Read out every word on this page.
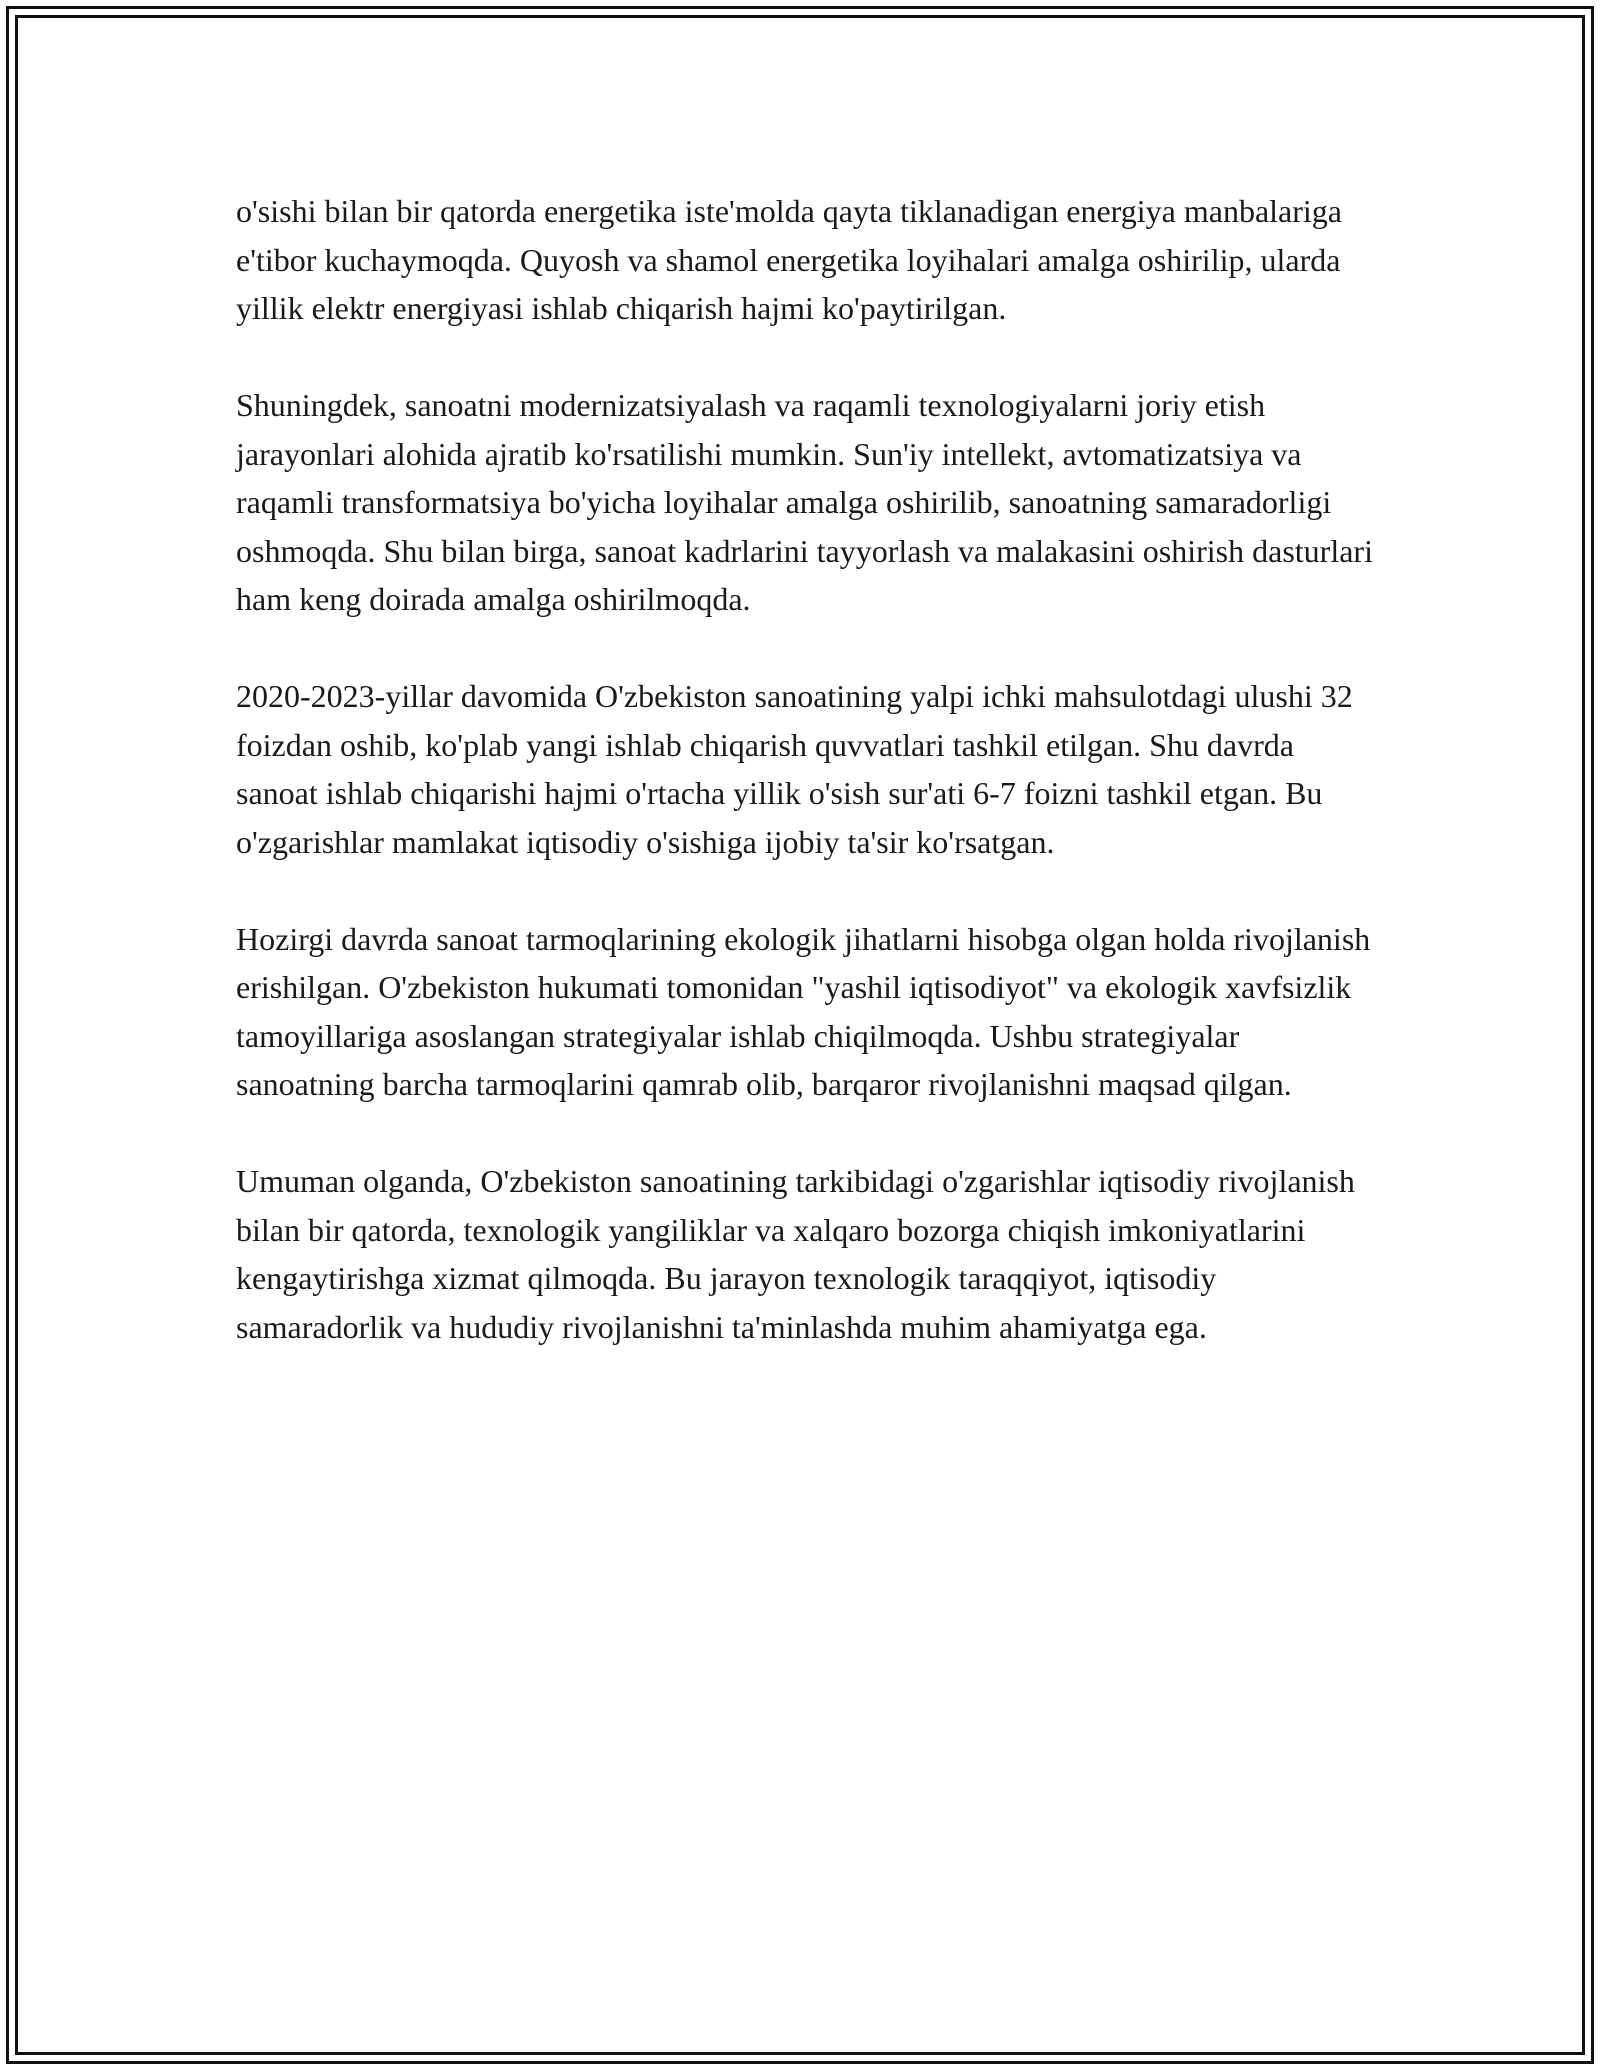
o'sishi bilan bir qatorda energetika iste'molda qayta tiklanadigan energiya manbalariga e'tibor kuchaymoqda. Quyosh va shamol energetika loyihalari amalga oshirilip, ularda yillik elektr energiyasi ishlab chiqarish hajmi ko'paytirilgan.

Shuningdek, sanoatni modernizatsiyalash va raqamli texnologiyalarni joriy etish jarayonlari alohida ajratib ko'rsatilishi mumkin. Sun'iy intellekt, avtomatizatsiya va raqamli transformatsiya bo'yicha loyihalar amalga oshirilib, sanoatning samaradorligi oshmoqda. Shu bilan birga, sanoat kadrlarini tayyorlash va malakasini oshirish dasturlari ham keng doirada amalga oshirilmoqda.

2020-2023-yillar davomida O'zbekiston sanoatining yalpi ichki mahsulotdagi ulushi 32 foizdan oshib, ko'plab yangi ishlab chiqarish quvvatlari tashkil etilgan. Shu davrda sanoat ishlab chiqarishi hajmi o'rtacha yillik o'sish sur'ati 6-7 foizni tashkil etgan. Bu o'zgarishlar mamlakat iqtisodiy o'sishiga ijobiy ta'sir ko'rsatgan.

Hozirgi davrda sanoat tarmoqlarining ekologik jihatlarni hisobga olgan holda rivojlanish erishilgan. O'zbekiston hukumati tomonidan "yashil iqtisodiyot" va ekologik xavfsizlik tamoyillariga asoslangan strategiyalar ishlab chiqilmoqda. Ushbu strategiyalar sanoatning barcha tarmoqlarini qamrab olib, barqaror rivojlanishni maqsad qilgan.

Umuman olganda, O'zbekiston sanoatining tarkibidagi o'zgarishlar iqtisodiy rivojlanish bilan bir qatorda, texnologik yangiliklar va xalqaro bozorga chiqish imkoniyatlarini kengaytirishga xizmat qilmoqda. Bu jarayon texnologik taraqqiyot, iqtisodiy samaradorlik va hududiy rivojlanishni ta'minlashda muhim ahamiyatga ega.
